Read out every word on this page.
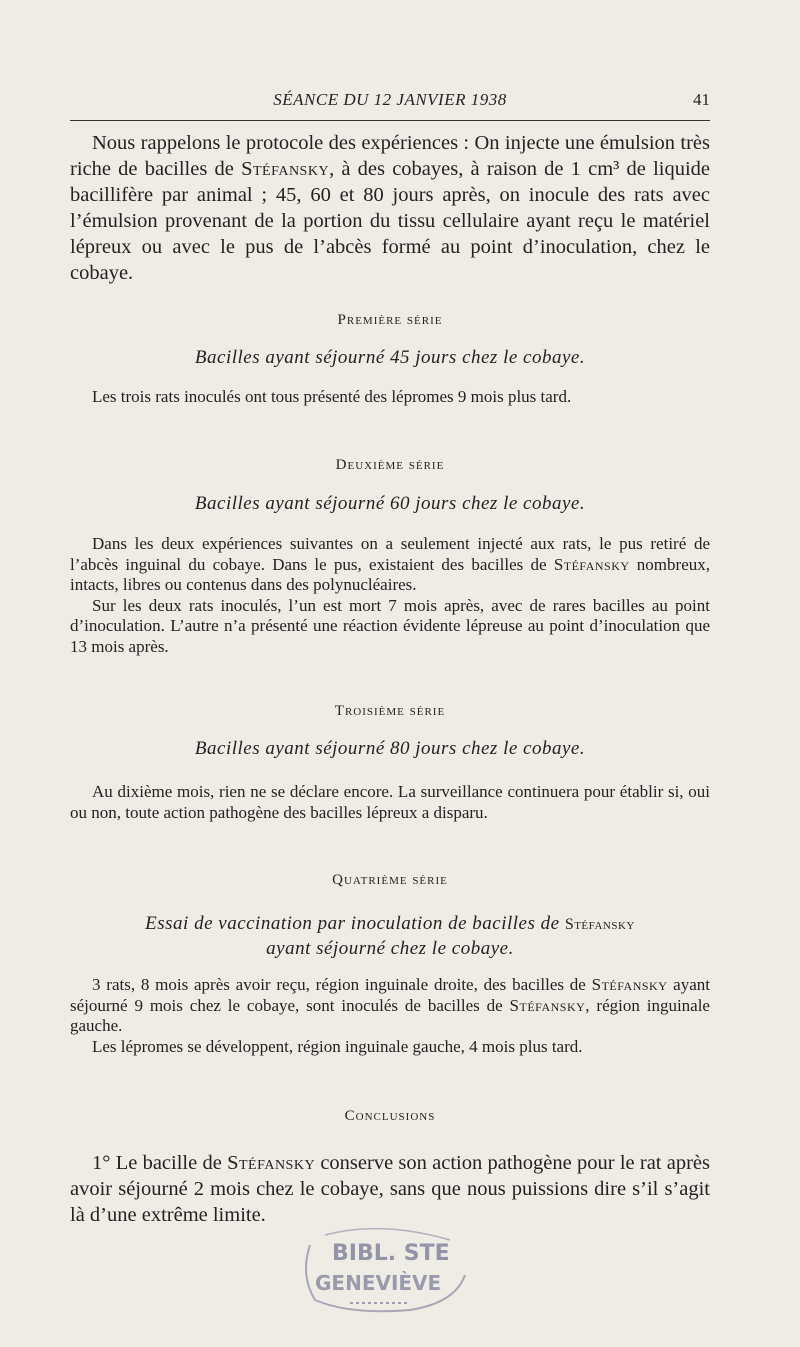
SÉANCE DU 12 JANVIER 1938	41

Nous rappelons le protocole des expériences : On injecte une émulsion très riche de bacilles de Stéfansky, à des cobayes, à raison de 1 cm³ de liquide bacillifère par animal ; 45, 60 et 80 jours après, on inocule des rats avec l’émulsion provenant de la portion du tissu cellulaire ayant reçu le matériel lépreux ou avec le pus de l’abcès formé au point d’inoculation, chez le cobaye.

Première série
Bacilles ayant séjourné 45 jours chez le cobaye.
Les trois rats inoculés ont tous présenté des lépromes 9 mois plus tard.
Deuxième série
Bacilles ayant séjourné 60 jours chez le cobaye.

Dans les deux expériences suivantes on a seulement injecté aux rats, le pus retiré de l’abcès inguinal du cobaye. Dans le pus, existaient des bacilles de Stéfansky nombreux, intacts, libres ou contenus dans des polynucléaires.

Sur les deux rats inoculés, l’un est mort 7 mois après, avec de rares bacilles au point d’inoculation. L’autre n’a présenté une réaction évidente lépreuse au point d’inoculation que 13 mois après.

Troisième série
Bacilles ayant séjourné 80 jours chez le cobaye.
Au dixième mois, rien ne se déclare encore. La surveillance continuera pour établir si, oui ou non, toute action pathogène des bacilles lépreux a disparu.
Quatrième série
Essai de vaccination par inoculation de bacilles de Stéfansky
ayant séjourné chez le cobaye.

3 rats, 8 mois après avoir reçu, région inguinale droite, des bacilles de Stéfansky ayant séjourné 9 mois chez le cobaye, sont inoculés de bacilles de Stéfansky, région inguinale gauche.

Les lépromes se développent, région inguinale gauche, 4 mois plus tard.

Conclusions

1° Le bacille de Stéfansky conserve son action pathogène pour le rat après avoir séjourné 2 mois chez le cobaye, sans que nous puissions dire s’il s’agit là d’une extrême limite.

BIBL. STE
GENEVIÈVE
